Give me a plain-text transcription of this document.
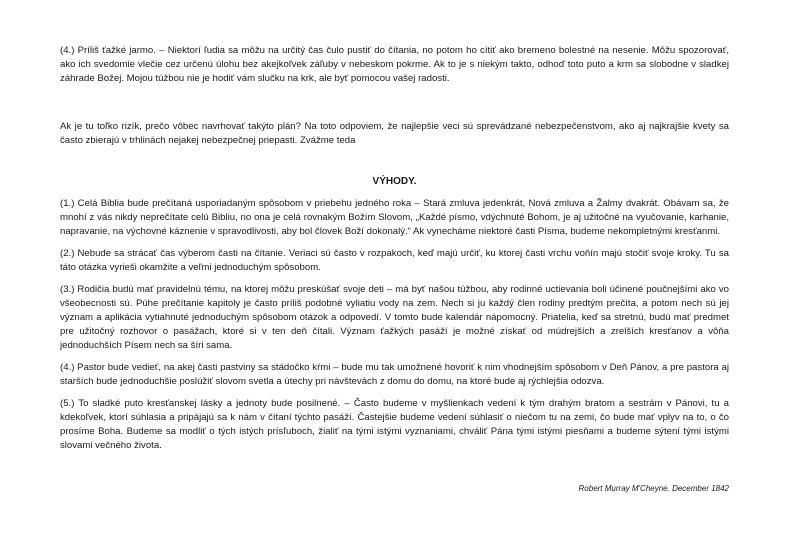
(4.) Príliš ťažké jarmo. – Niektorí ľudia sa môžu na určitý čas čulo pustiť do čítania, no potom ho cítiť ako bremeno bolestné na nesenie. Môžu spozorovať, ako ich svedomie vlečie cez určenú úlohu bez akejkoľvek záľuby v nebeskom pokrme. Ak to je s niekým takto, odhoď toto puto a krm sa slobodne v sladkej záhrade Božej. Mojou túžbou nie je hodiť vám slučku na krk, ale byť pomocou vašej radosti.

Ak je tu toľko rizík, prečo vôbec navrhovať takýto plán? Na toto odpoviem, že najlepšie veci sú sprevádzané nebezpečenstvom, ako aj najkrajšie kvety sa často zbierajú v trhlinách nejakej nebezpečnej priepasti. Zvážme teda

VÝHODY.

(1.) Celá Biblia bude prečítaná usporiadaným spôsobom v priebehu jedného roka – Stará zmluva jedenkrát, Nová zmluva a Žalmy dvakrát. Obávam sa, že mnohí z vás nikdy neprečítate celú Bibliu, no ona je celá rovnakým Božím Slovom, „Každé písmo, vdýchnuté Bohom, je aj užitočné na vyučovanie, karhanie, napravanie, na výchovné káznenie v spravodlivosti, aby bol človek Boží dokonalý.“ Ak vynecháme niektoré časti Písma, budeme nekompletnými kresťanmi.

(2.) Nebude sa strácať čas výberom časti na čítanie. Veriaci sú často v rozpakoch, keď majú určiť, ku ktorej časti vrchu voňín majú stočiť svoje kroky. Tu sa táto otázka vyrieši okamžite a veľmi jednoduchým spôsobom.

(3.) Rodičia budú mať pravidelnú tému, na ktorej môžu preskúšať svoje deti – má byť našou túžbou, aby rodinné uctievania boli účinené poučnejšími ako vo všeobecnosti sú. Púhe prečítanie kapitoly je často príliš podobné vyliatiu vody na zem. Nech si ju každý člen rodiny predtým prečíta, a potom nech sú jej význam a aplikácia vytiahnuté jednoduchým spôsobom otázok a odpovedí. V tomto bude kalendár nápomocný. Priatelia, keď sa stretnú, budú mať predmet pre užitočný rozhovor o pasážach, ktoré si v ten deň čítali. Význam ťažkých pasáží je možné získať od múdrejších a zrelších kresťanov a vôňa jednoduchších Písem nech sa šíri sama.

(4.) Pastor bude vedieť, na akej časti pastviny sa stádočko kŕmi – bude mu tak umožnené hovoriť k nim vhodnejším spôsobom v Deň Pánov, a pre pastora aj starších bude jednoduchšie poslúžiť slovom svetla a útechy pri návštevách z domu do domu, na ktoré bude aj rýchlejšia odozva.

(5.) To sladké puto kresťanskej lásky a jednoty bude posilnené. – Často budeme v myšlienkach vedení k tým drahým bratom a sestrám v Pánovi, tu a kdekoľvek, ktorí súhlasia a pripájajú sa k nám v čítaní týchto pasáží. Častejšie budeme vedení súhlasiť o niečom tu na zemi, čo bude mať vplyv na to, o čo prosíme Boha. Budeme sa modliť o tých istých prísľuboch, žialiť na tými istými vyznaniami, chváliť Pána tými istými piesňami a budeme sýtení tými istými slovami večného života.

Robert Murray M'Cheyne. December 1842
